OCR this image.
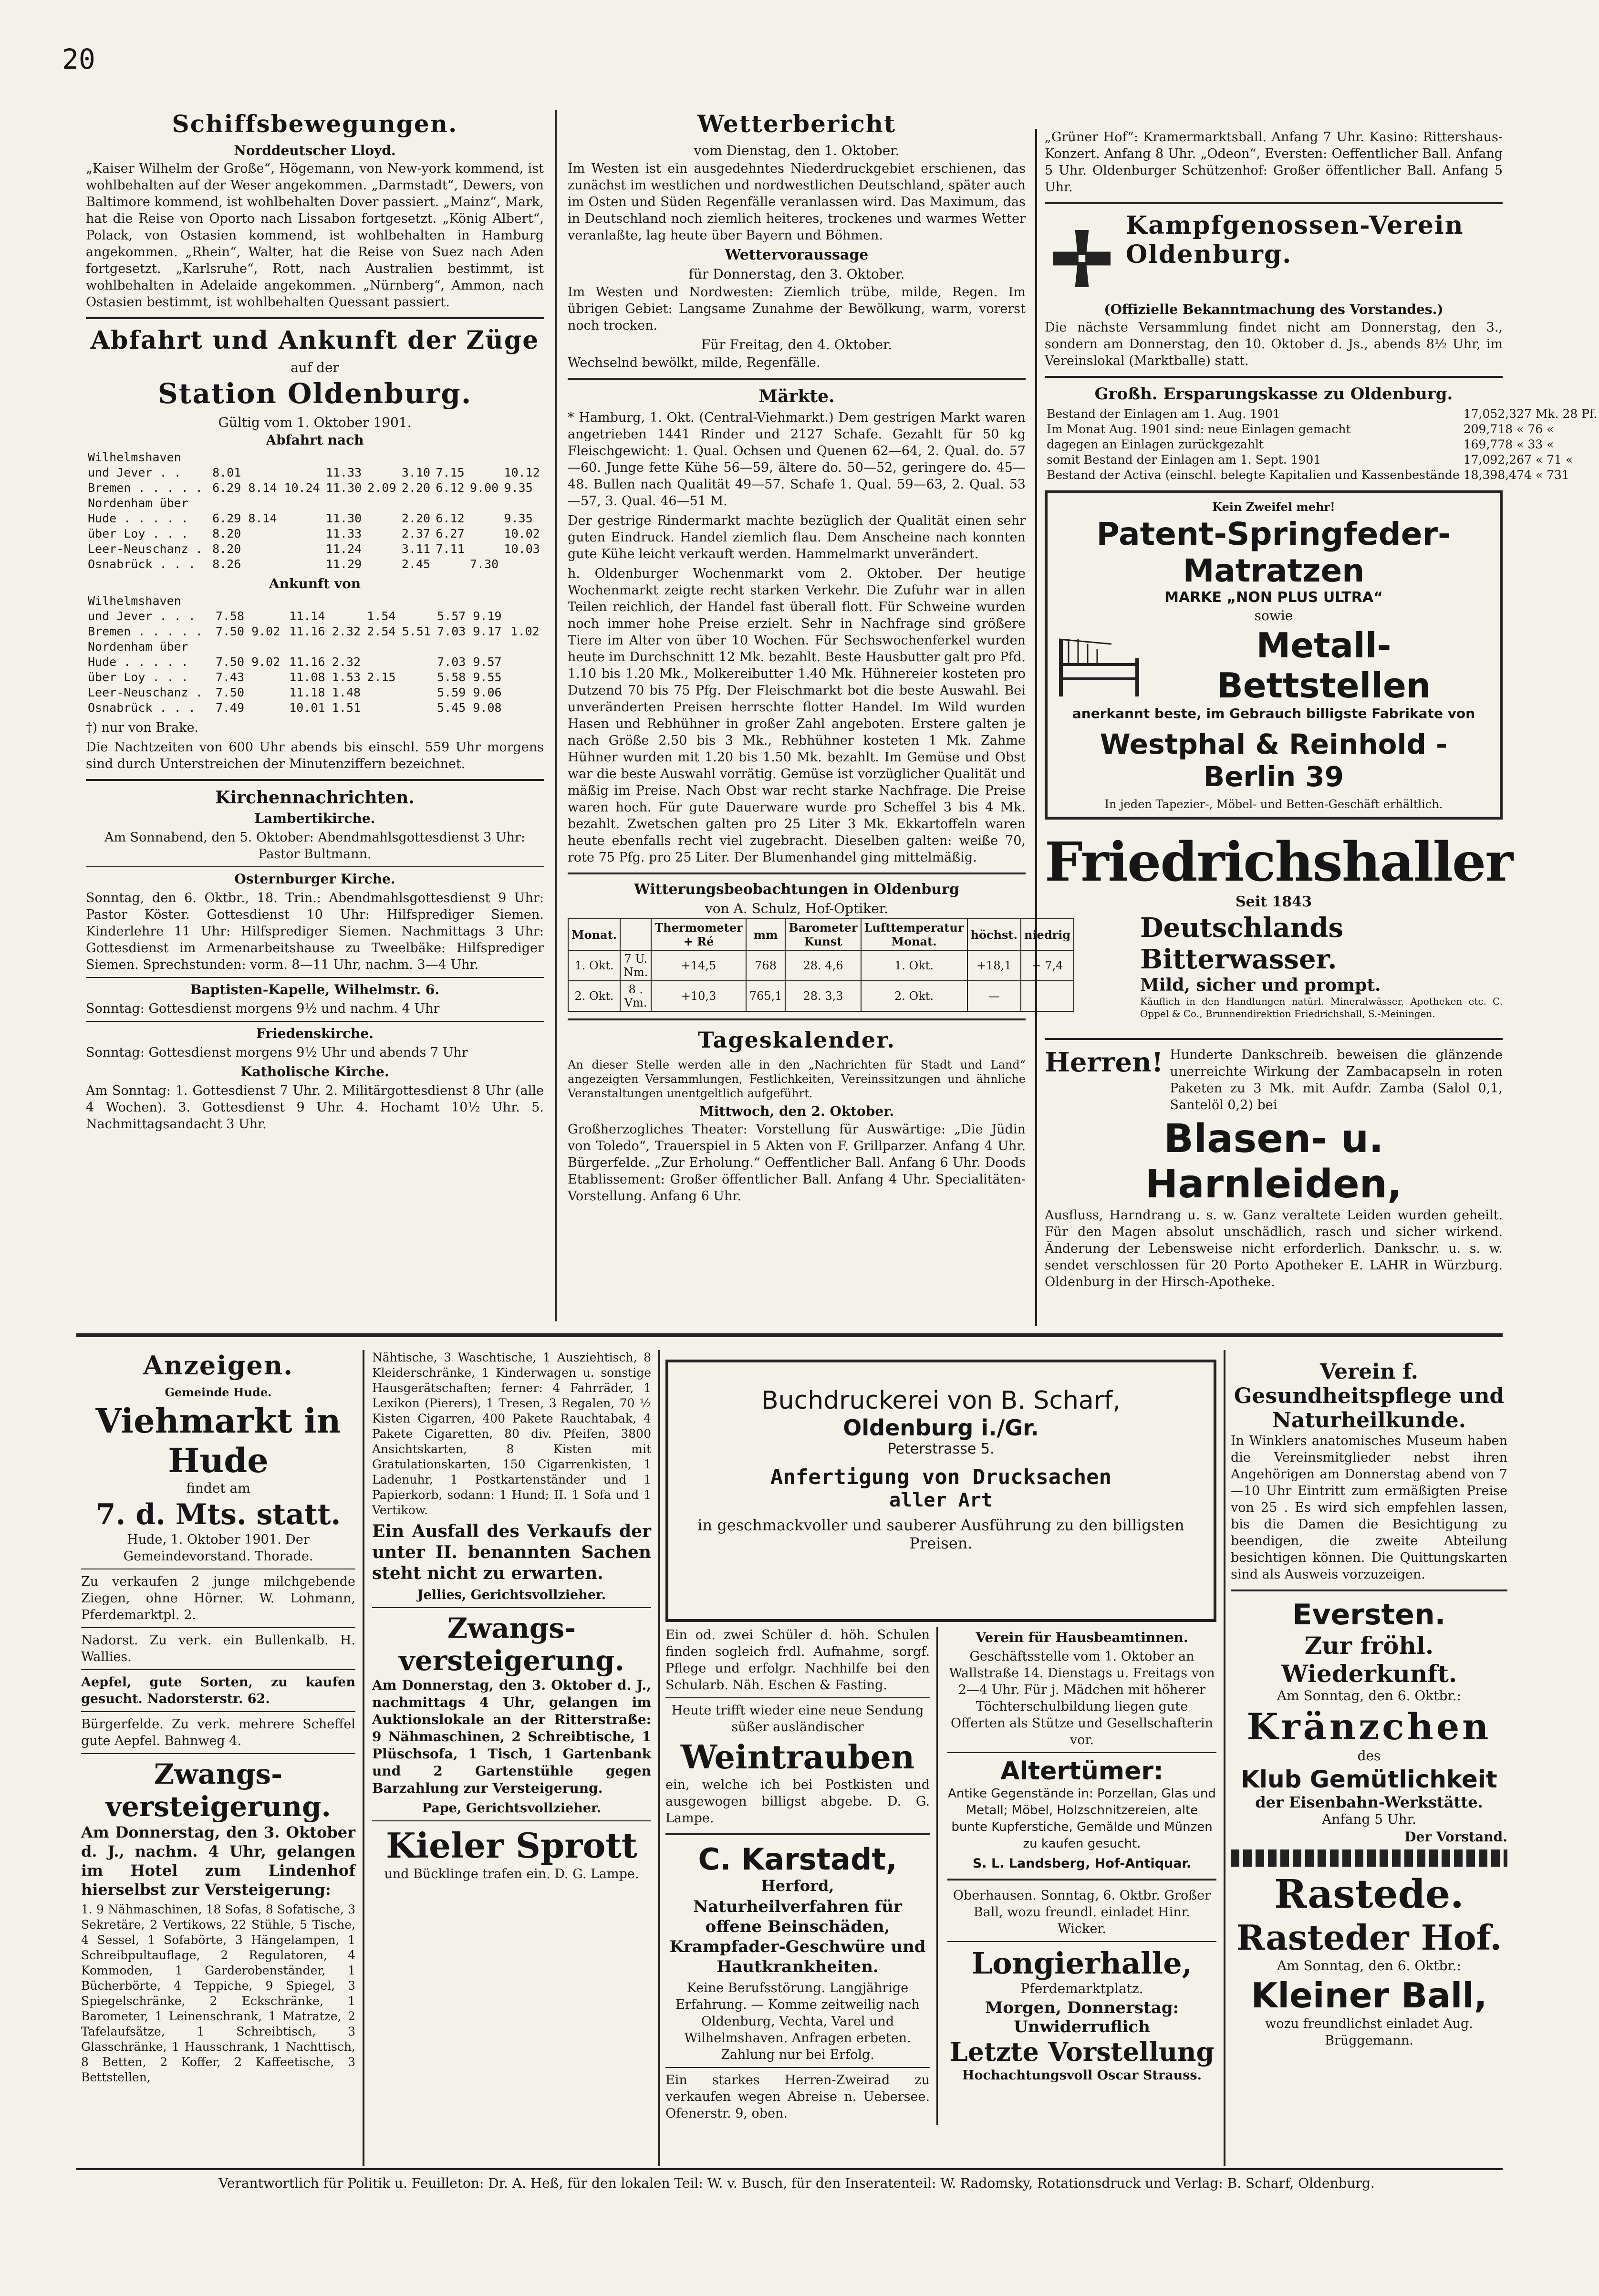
20
Schiffsbewegungen.
Norddeutscher Lloyd.

„Kaiser Wilhelm der Große“, Högemann, von New-york kommend, ist wohlbehalten auf der Weser angekommen. „Darmstadt“, Dewers, von Baltimore kommend, ist wohlbehalten Dover passiert. „Mainz“, Mark, hat die Reise von Oporto nach Lissabon fortgesetzt. „König Albert“, Polack, von Ostasien kommend, ist wohlbehalten in Hamburg angekommen. „Rhein“, Walter, hat die Reise von Suez nach Aden fortgesetzt. „Karlsruhe“, Rott, nach Australien bestimmt, ist wohlbehalten in Adelaide angekommen. „Nürnberg“, Ammon, nach Ostasien bestimmt, ist wohlbehalten Quessant passiert.

Abfahrt und Ankunft der Züge
auf der
Station Oldenburg.
Gültig vom 1. Oktober 1901.
Abfahrt nach
Wilhelmshaven								
und Jever . .	8.01		11.33		3.10	7.15		10.12
Bremen . . . . .	6.29 8.14	10.24	11.30	2.09	2.20	6.12	9.00	9.35
Nordenham über								
Hude . . . . .	6.29 8.14		11.30		2.20	6.12		9.35
über Loy . . .	8.20		11.33		2.37	6.27		10.02
Leer-Neuschanz .	8.20		11.24		3.11	7.11		10.03
Osnabrück . . .	8.26		11.29		2.45		7.30	
Ankunft von
Wilhelmshaven							
und Jever . . .	7.58	11.14		1.54		5.57 9.19	
Bremen . . . . .	7.50 9.02	11.16	2.32	2.54	5.51	7.03 9.17	1.02
Nordenham über							
Hude . . . . .	7.50 9.02	11.16	2.32			7.03 9.57	
über Loy . . .	7.43	11.08	1.53	2.15		5.58 9.55	
Leer-Neuschanz .	7.50	11.18	1.48			5.59 9.06	
Osnabrück . . .	7.49	10.01	1.51			5.45 9.08	

†) nur von Brake.

Die Nachtzeiten von 600 Uhr abends bis einschl. 559 Uhr morgens sind durch Unterstreichen der Minutenziffern bezeichnet.

Kirchennachrichten.
Lambertikirche.

Am Sonnabend, den 5. Oktober: Abendmahlsgottesdienst 3 Uhr: Pastor Bultmann.

Osternburger Kirche.

Sonntag, den 6. Oktbr., 18. Trin.: Abendmahlsgottesdienst 9 Uhr: Pastor Köster. Gottesdienst 10 Uhr: Hilfsprediger Siemen. Kinderlehre 11 Uhr: Hilfsprediger Siemen. Nachmittags 3 Uhr: Gottesdienst im Armenarbeitshause zu Tweelbäke: Hilfsprediger Siemen. Sprechstunden: vorm. 8—11 Uhr, nachm. 3—4 Uhr.

Baptisten-Kapelle, Wilhelmstr. 6.

Sonntag: Gottesdienst morgens 9½ und nachm. 4 Uhr

Friedenskirche.

Sonntag: Gottesdienst morgens 9½ Uhr und abends 7 Uhr

Katholische Kirche.

Am Sonntag: 1. Gottesdienst 7 Uhr. 2. Militärgottesdienst 8 Uhr (alle 4 Wochen). 3. Gottesdienst 9 Uhr. 4. Hochamt 10½ Uhr. 5. Nachmittagsandacht 3 Uhr.

Wetterbericht
vom Dienstag, den 1. Oktober.

Im Westen ist ein ausgedehntes Niederdruckgebiet erschienen, das zunächst im westlichen und nordwestlichen Deutschland, später auch im Osten und Süden Regenfälle veranlassen wird. Das Maximum, das in Deutschland noch ziemlich heiteres, trockenes und warmes Wetter veranlaßte, lag heute über Bayern und Böhmen.

Wettervoraussage
für Donnerstag, den 3. Oktober.

Im Westen und Nordwesten: Ziemlich trübe, milde, Regen. Im übrigen Gebiet: Langsame Zunahme der Bewölkung, warm, vorerst noch trocken.

Für Freitag, den 4. Oktober.

Wechselnd bewölkt, milde, Regenfälle.

Märkte.

* Hamburg, 1. Okt. (Central-Viehmarkt.) Dem gestrigen Markt waren angetrieben 1441 Rinder und 2127 Schafe. Gezahlt für 50 kg Fleischgewicht: 1. Qual. Ochsen und Quenen 62—64, 2. Qual. do. 57—60. Junge fette Kühe 56—59, ältere do. 50—52, geringere do. 45—48. Bullen nach Qualität 49—57. Schafe 1. Qual. 59—63, 2. Qual. 53—57, 3. Qual. 46—51 M.

Der gestrige Rindermarkt machte bezüglich der Qualität einen sehr guten Eindruck. Handel ziemlich flau. Dem Anscheine nach konnten gute Kühe leicht verkauft werden. Hammelmarkt unverändert.

h. Oldenburger Wochenmarkt vom 2. Oktober. Der heutige Wochenmarkt zeigte recht starken Verkehr. Die Zufuhr war in allen Teilen reichlich, der Handel fast überall flott. Für Schweine wurden noch immer hohe Preise erzielt. Sehr in Nachfrage sind größere Tiere im Alter von über 10 Wochen. Für Sechswochenferkel wurden heute im Durchschnitt 12 Mk. bezahlt. Beste Hausbutter galt pro Pfd. 1.10 bis 1.20 Mk., Molkereibutter 1.40 Mk. Hühnereier kosteten pro Dutzend 70 bis 75 Pfg. Der Fleischmarkt bot die beste Auswahl. Bei unveränderten Preisen herrschte flotter Handel. Im Wild wurden Hasen und Rebhühner in großer Zahl angeboten. Erstere galten je nach Größe 2.50 bis 3 Mk., Rebhühner kosteten 1 Mk. Zahme Hühner wurden mit 1.20 bis 1.50 Mk. bezahlt. Im Gemüse und Obst war die beste Auswahl vorrätig. Gemüse ist vorzüglicher Qualität und mäßig im Preise. Nach Obst war recht starke Nachfrage. Die Preise waren hoch. Für gute Dauerware wurde pro Scheffel 3 bis 4 Mk. bezahlt. Zwetschen galten pro 25 Liter 3 Mk. Ekkartoffeln waren heute ebenfalls recht viel zugebracht. Dieselben galten: weiße 70, rote 75 Pfg. pro 25 Liter. Der Blumenhandel ging mittelmäßig.

Witterungsbeobachtungen in Oldenburg
von A. Schulz, Hof-Optiker.
Monat.		Thermometer + Ré	mm	Barometer Kunst	Lufttemperatur Monat.	höchst.	niedrig
1. Okt.	7 U. Nm.	+14,5	768	28. 4,6	1. Okt.	+18,1	+ 7,4
2. Okt.	8 . Vm.	+10,3	765,1	28. 3,3	2. Okt.	—	
Tageskalender.

An dieser Stelle werden alle in den „Nachrichten für Stadt und Land“ angezeigten Versammlungen, Festlichkeiten, Vereinssitzungen und ähnliche Veranstaltungen unentgeltlich aufgeführt.

Mittwoch, den 2. Oktober.

Großherzogliches Theater: Vorstellung für Auswärtige: „Die Jüdin von Toledo“, Trauerspiel in 5 Akten von F. Grillparzer. Anfang 4 Uhr. Bürgerfelde. „Zur Erholung.“ Oeffentlicher Ball. Anfang 6 Uhr. Doods Etablissement: Großer öffentlicher Ball. Anfang 4 Uhr. Specialitäten-Vorstellung. Anfang 6 Uhr.

„Grüner Hof“: Kramermarktsball. Anfang 7 Uhr. Kasino: Rittershaus-Konzert. Anfang 8 Uhr. „Odeon“, Eversten: Oeffentlicher Ball. Anfang 5 Uhr. Oldenburger Schützenhof: Großer öffentlicher Ball. Anfang 5 Uhr.

Kampfgenossen-Verein Oldenburg.
(Offizielle Bekanntmachung des Vorstandes.)

Die nächste Versammlung findet nicht am Donnerstag, den 3., sondern am Donnerstag, den 10. Oktober d. Js., abends 8½ Uhr, im Vereinslokal (Marktballe) statt.

Großh. Ersparungskasse zu Oldenburg.
Bestand der Einlagen am 1. Aug. 1901	17,052,327 Mk. 28 Pf.
Im Monat Aug. 1901 sind: neue Einlagen gemacht	209,718 « 76 «
dagegen an Einlagen zurückgezahlt	169,778 « 33 «
somit Bestand der Einlagen am 1. Sept. 1901	17,092,267 « 71 «
Bestand der Activa (einschl. belegte Kapitalien und Kassenbestände	18,398,474 « 731
Kein Zweifel mehr!
Patent-Springfeder-Matratzen
MARKE „NON PLUS ULTRA“
sowie
Metall-Bettstellen
anerkannt beste, im Gebrauch billigste Fabrikate von
Westphal & Reinhold - Berlin 39
In jeden Tapezier-, Möbel- und Betten-Geschäft erhältlich.
Friedrichshaller
Seit 1843
Deutschlands Bitterwasser.
Mild, sicher und prompt.

Käuflich in den Handlungen natürl. Mineralwässer, Apotheken etc. C. Oppel & Co., Brunnendirektion Friedrichshall, S.-Meiningen.

Herren! Hunderte Dankschreib. beweisen die glänzende unerreichte Wirkung der Zambacapseln in roten Paketen zu 3 Mk. mit Aufdr. Zamba (Salol 0,1, Santelöl 0,2) bei

Blasen- u. Harnleiden,

Ausfluss, Harndrang u. s. w. Ganz veraltete Leiden wurden geheilt. Für den Magen absolut unschädlich, rasch und sicher wirkend. Änderung der Lebensweise nicht erforderlich. Dankschr. u. s. w. sendet verschlossen für 20 Porto Apotheker E. LAHR in Würzburg. Oldenburg in der Hirsch-Apotheke.

Anzeigen.
Gemeinde Hude.
Viehmarkt in Hude
findet am
7. d. Mts. statt.

Hude, 1. Oktober 1901. Der Gemeindevorstand. Thorade.

Zu verkaufen 2 junge milchgebende Ziegen, ohne Hörner. W. Lohmann, Pferdemarktpl. 2.

Nadorst. Zu verk. ein Bullenkalb. H. Wallies.

Aepfel, gute Sorten, zu kaufen gesucht. Nadorsterstr. 62.

Bürgerfelde. Zu verk. mehrere Scheffel gute Aepfel. Bahnweg 4.

Zwangs-versteigerung.

Am Donnerstag, den 3. Oktober d. J., nachm. 4 Uhr, gelangen im Hotel zum Lindenhof hierselbst zur Versteigerung:

1. 9 Nähmaschinen, 18 Sofas, 8 Sofatische, 3 Sekretäre, 2 Vertikows, 22 Stühle, 5 Tische, 4 Sessel, 1 Sofabörte, 3 Hängelampen, 1 Schreibpultauflage, 2 Regulatoren, 4 Kommoden, 1 Garderobenständer, 1 Bücherbörte, 4 Teppiche, 9 Spiegel, 3 Spiegelschränke, 2 Eckschränke, 1 Barometer, 1 Leinenschrank, 1 Matratze, 2 Tafelaufsätze, 1 Schreibtisch, 3 Glasschränke, 1 Hausschrank, 1 Nachttisch, 8 Betten, 2 Koffer, 2 Kaffeetische, 3 Bettstellen,

Nähtische, 3 Waschtische, 1 Ausziehtisch, 8 Kleiderschränke, 1 Kinderwagen u. sonstige Hausgerätschaften; ferner: 4 Fahrräder, 1 Lexikon (Pierers), 1 Tresen, 3 Regalen, 70 ½ Kisten Cigarren, 400 Pakete Rauchtabak, 4 Pakete Cigaretten, 80 div. Pfeifen, 3800 Ansichtskarten, 8 Kisten mit Gratulationskarten, 150 Cigarrenkisten, 1 Ladenuhr, 1 Postkartenständer und 1 Papierkorb, sodann: 1 Hund; II. 1 Sofa und 1 Vertikow.

Ein Ausfall des Verkaufs der unter II. benannten Sachen steht nicht zu erwarten.

Jellies, Gerichtsvollzieher.

Zwangs-versteigerung.

Am Donnerstag, den 3. Oktober d. J., nachmittags 4 Uhr, gelangen im Auktionslokale an der Ritterstraße: 9 Nähmaschinen, 2 Schreibtische, 1 Plüschsofa, 1 Tisch, 1 Gartenbank und 2 Gartenstühle gegen Barzahlung zur Versteigerung.

Pape, Gerichtsvollzieher.

Kieler Sprott

und Bücklinge trafen ein. D. G. Lampe.

Buchdruckerei von B. Scharf,
Oldenburg i./Gr.
Peterstrasse 5.
Anfertigung von Drucksachen
aller Art
in geschmackvoller und sauberer Ausführung zu den billigsten Preisen.

Ein od. zwei Schüler d. höh. Schulen finden sogleich frdl. Aufnahme, sorgf. Pflege und erfolgr. Nachhilfe bei den Schularb. Näh. Eschen & Fasting.

Heute trifft wieder eine neue Sendung süßer ausländischer

Weintrauben

ein, welche ich bei Postkisten und ausgewogen billigst abgebe. D. G. Lampe.

C. Karstadt,
Herford,

Naturheilverfahren für offene Beinschäden, Krampfader-Geschwüre und Hautkrankheiten.

Keine Berufsstörung. Langjährige Erfahrung. — Komme zeitweilig nach Oldenburg, Vechta, Varel und Wilhelmshaven. Anfragen erbeten. Zahlung nur bei Erfolg.

Ein starkes Herren-Zweirad zu verkaufen wegen Abreise n. Uebersee. Ofenerstr. 9, oben.

Verein für Hausbeamtinnen.

Geschäftsstelle vom 1. Oktober an Wallstraße 14. Dienstags u. Freitags von 2—4 Uhr. Für j. Mädchen mit höherer Töchterschulbildung liegen gute Offerten als Stütze und Gesellschafterin vor.

Altertümer:

Antike Gegenstände in: Porzellan, Glas und Metall; Möbel, Holzschnitzereien, alte bunte Kupferstiche, Gemälde und Münzen zu kaufen gesucht.

S. L. Landsberg, Hof-Antiquar.

Oberhausen. Sonntag, 6. Oktbr. Großer Ball, wozu freundl. einladet Hinr. Wicker.

Longierhalle,
Pferdemarktplatz.
Morgen, Donnerstag: Unwiderruflich
Letzte Vorstellung

Hochachtungsvoll Oscar Strauss.

Verein f. Gesundheitspflege und Naturheilkunde.

In Winklers anatomisches Museum haben die Vereinsmitglieder nebst ihren Angehörigen am Donnerstag abend von 7—10 Uhr Eintritt zum ermäßigten Preise von 25 . Es wird sich empfehlen lassen, bis die Damen die Besichtigung zu beendigen, die zweite Abteilung besichtigen können. Die Quittungskarten sind als Ausweis vorzuzeigen.

Eversten.
Zur fröhl. Wiederkunft.
Am Sonntag, den 6. Oktbr.:
Kränzchen
des
Klub Gemütlichkeit
der Eisenbahn-Werkstätte.
Anfang 5 Uhr.
Der Vorstand.
Rastede.
Rasteder Hof.
Am Sonntag, den 6. Oktbr.:
Kleiner Ball,

wozu freundlichst einladet Aug. Brüggemann.

Verantwortlich für Politik u. Feuilleton: Dr. A. Heß, für den lokalen Teil: W. v. Busch, für den Inseratenteil: W. Radomsky, Rotationsdruck und Verlag: B. Scharf, Oldenburg.
